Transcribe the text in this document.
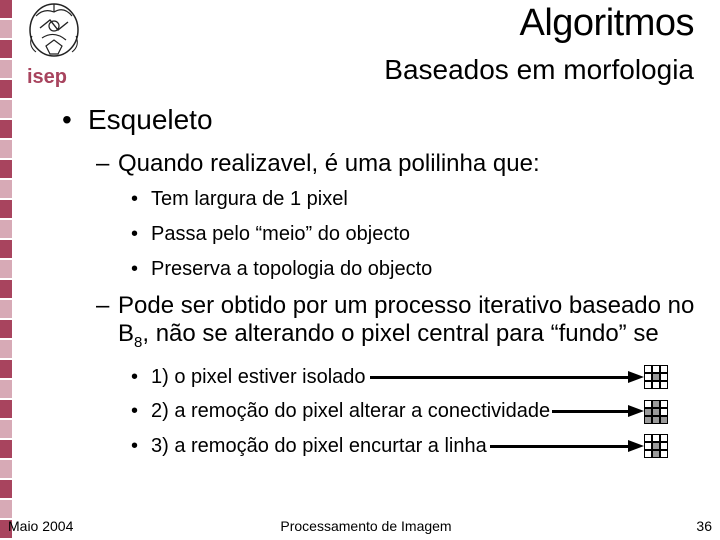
isep
Algoritmos
Baseados em morfologia
• Esqueleto
– Quando realizavel, é uma polilinha que:
• Tem largura de 1 pixel
• Passa pelo “meio” do objecto
• Preserva a topologia do objecto
– Pode ser obtido por um processo iterativo baseado no
$B_8$, não se alterando o pixel central para “fundo” se
• 1) o pixel estiver isolado
• 2) a remoção do pixel alterar a conectividade
• 3) a remoção do pixel encurtar a linha
Maio 2004	Processamento de Imagem	36
